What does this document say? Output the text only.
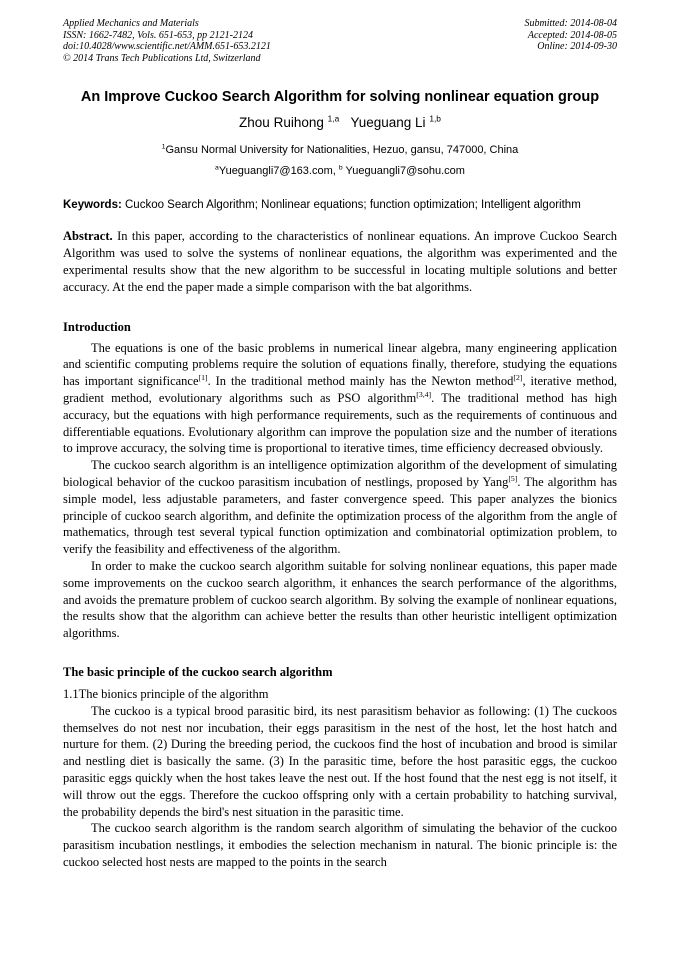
Applied Mechanics and Materials
ISSN: 1662-7482, Vols. 651-653, pp 2121-2124
doi:10.4028/www.scientific.net/AMM.651-653.2121
© 2014 Trans Tech Publications Ltd, Switzerland
Submitted: 2014-08-04
Accepted: 2014-08-05
Online: 2014-09-30
An Improve Cuckoo Search Algorithm for solving nonlinear equation group
Zhou Ruihong $^{1,a}$   Yueguang Li $^{1,b}$
$^1$Gansu Normal University for Nationalities, Hezuo, gansu, 747000, China
$^a$Yueguangli7@163.com, $^b$ Yueguangli7@sohu.com

Keywords: Cuckoo Search Algorithm; Nonlinear equations; function optimization; Intelligent algorithm

Abstract. In this paper, according to the characteristics of nonlinear equations. An improve Cuckoo Search Algorithm was used to solve the systems of nonlinear equations, the algorithm was experimented and the experimental results show that the new algorithm to be successful in locating multiple solutions and better accuracy. At the end the paper made a simple comparison with the bat algorithms.

Introduction

The equations is one of the basic problems in numerical linear algebra, many engineering application and scientific computing problems require the solution of equations finally, therefore, studying the equations has important significance[1]. In the traditional method mainly has the Newton method[2], iterative method, gradient method, evolutionary algorithms such as PSO algorithm[3,4]. The traditional method has high accuracy, but the equations with high performance requirements, such as the requirements of continuous and differentiable equations. Evolutionary algorithm can improve the population size and the number of iterations to improve accuracy, the solving time is proportional to iterative times, time efficiency decreased obviously.

The cuckoo search algorithm is an intelligence optimization algorithm of the development of simulating biological behavior of the cuckoo parasitism incubation of nestlings, proposed by Yang[5]. The algorithm has simple model, less adjustable parameters, and faster convergence speed. This paper analyzes the bionics principle of cuckoo search algorithm, and definite the optimization process of the algorithm from the angle of mathematics, through test several typical function optimization and combinatorial optimization problem, to verify the feasibility and effectiveness of the algorithm.

In order to make the cuckoo search algorithm suitable for solving nonlinear equations, this paper made some improvements on the cuckoo search algorithm, it enhances the search performance of the algorithms, and avoids the premature problem of cuckoo search algorithm. By solving the example of nonlinear equations, the results show that the algorithm can achieve better the results than other heuristic intelligent optimization algorithms.

The basic principle of the cuckoo search algorithm
1.1The bionics principle of the algorithm

The cuckoo is a typical brood parasitic bird, its nest parasitism behavior as following: (1) The cuckoos themselves do not nest nor incubation, their eggs parasitism in the nest of the host, let the host hatch and nurture for them. (2) During the breeding period, the cuckoos find the host of incubation and brood is similar and nestling diet is basically the same. (3) In the parasitic time, before the host parasitic eggs, the cuckoo parasitic eggs quickly when the host takes leave the nest out. If the host found that the nest egg is not itself, it will throw out the eggs. Therefore the cuckoo offspring only with a certain probability to hatching survival, the probability depends the bird's nest situation in the parasitic time.

The cuckoo search algorithm is the random search algorithm of simulating the behavior of the cuckoo parasitism incubation nestlings, it embodies the selection mechanism in natural. The bionic principle is: the cuckoo selected host nests are mapped to the points in the search
